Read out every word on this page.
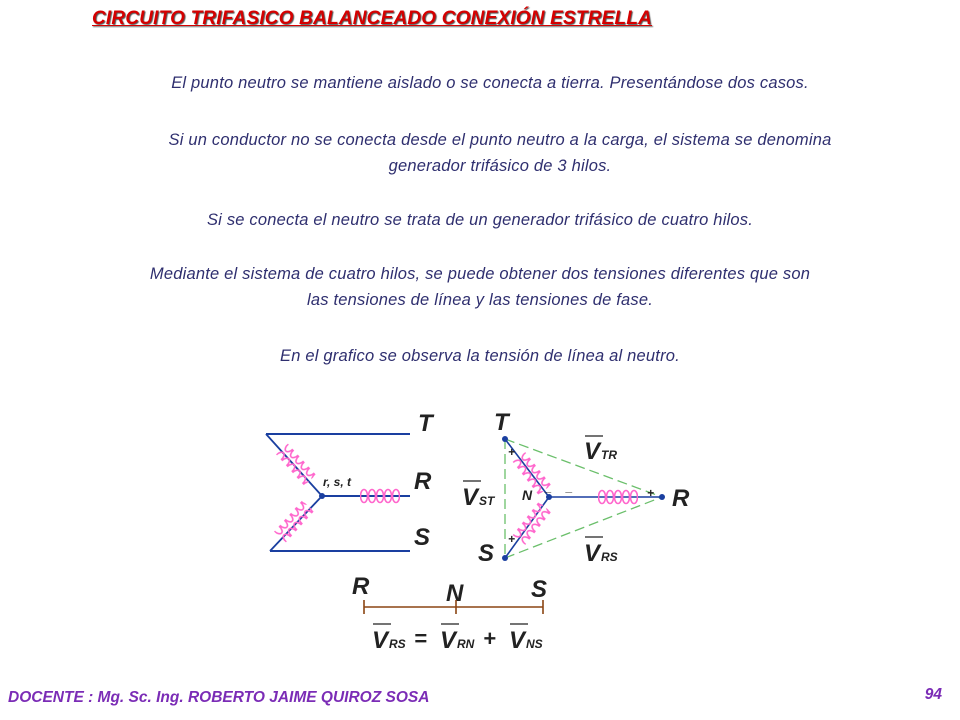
CIRCUITO TRIFASICO BALANCEADO CONEXIÓN ESTRELLA
El punto neutro se mantiene aislado o se conecta a tierra. Presentándose dos casos.
Si un conductor no se conecta desde el punto neutro a la carga, el sistema se denomina
generador trifásico de 3 hilos.
Si se conecta el neutro se trata de un generador trifásico de cuatro hilos.
Mediante el sistema de cuatro hilos, se puede obtener dos tensiones diferentes que son
las tensiones de línea y las tensiones de fase.
En el grafico se observa la tensión de línea al neutro.
r, s, t
T
R
S
T
R
S
N
+
+
+
_ _
V TR
V ST
V RS
R	N	S
V RS = V RN + V NS
DOCENTE : Mg. Sc. Ing. ROBERTO JAIME QUIROZ SOSA	94
